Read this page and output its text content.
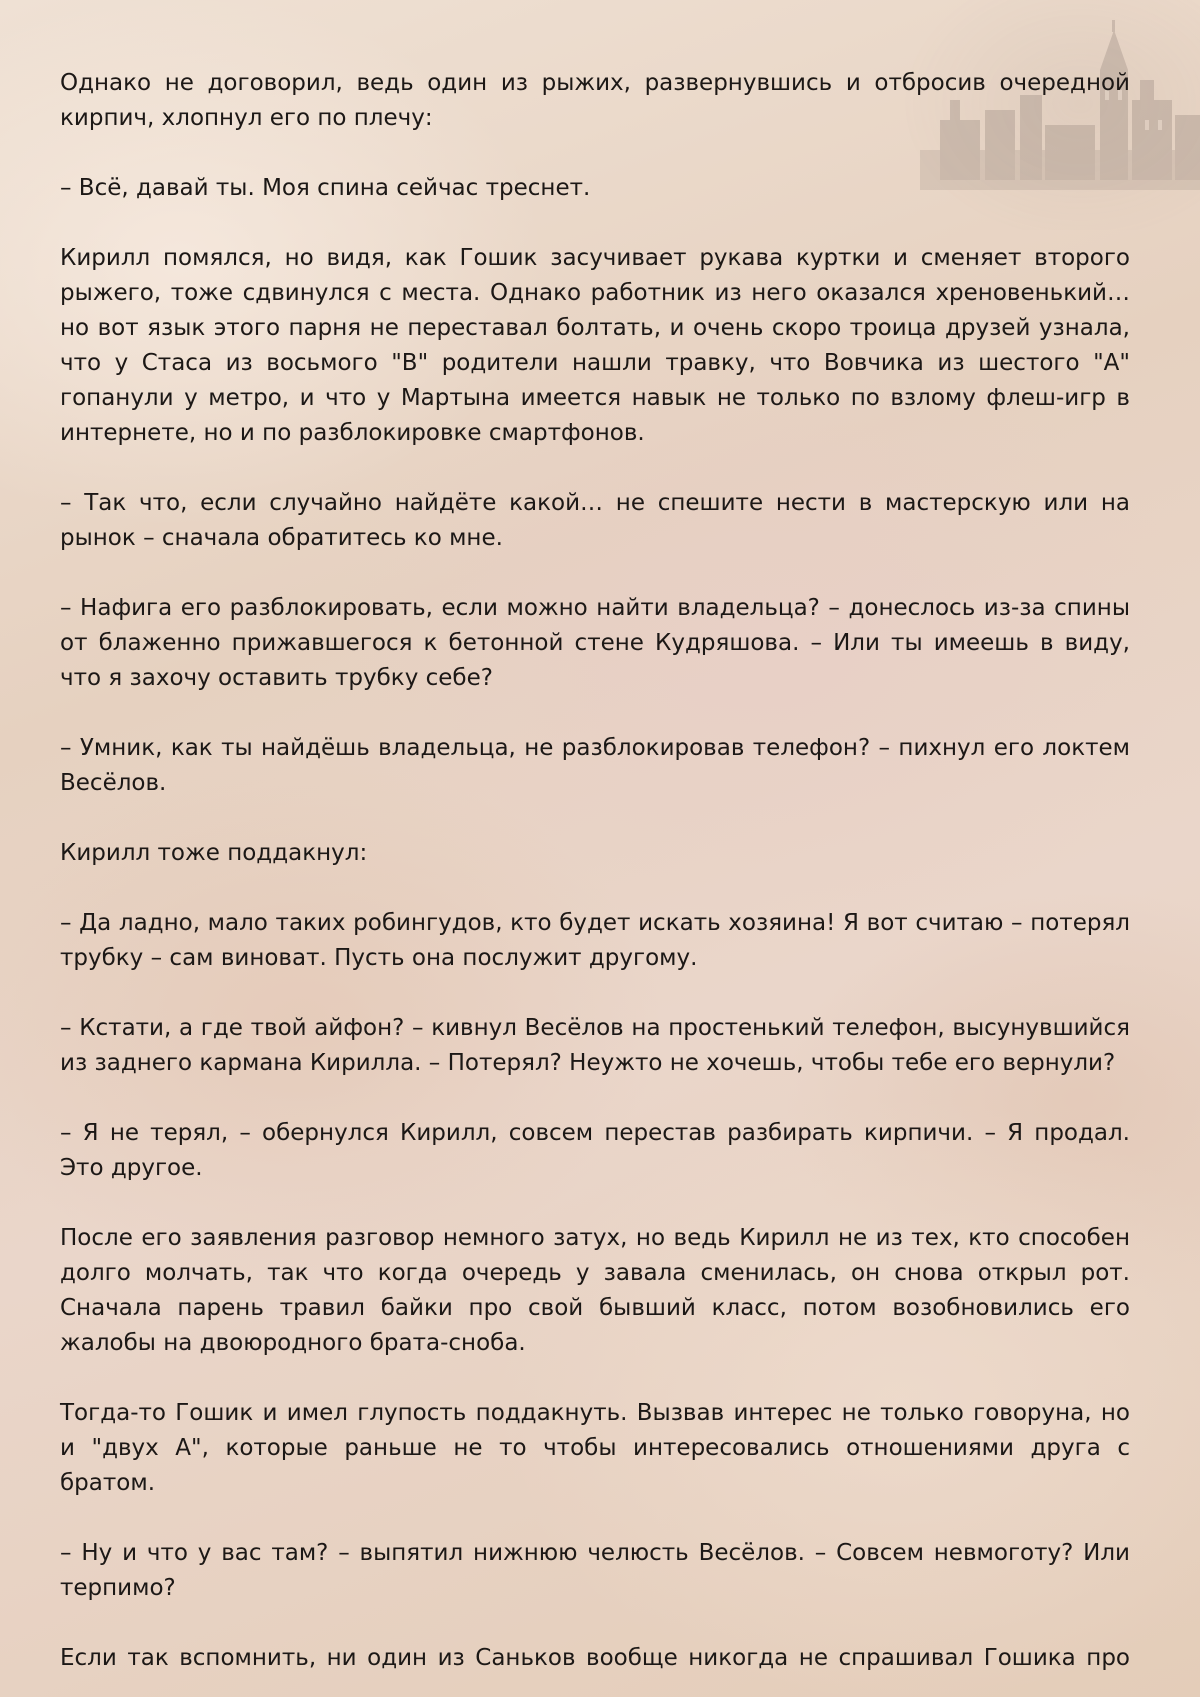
Однако не договорил, ведь один из рыжих, развернувшись и отбросив очередной кирпич, хлопнул его по плечу:

– Всё, давай ты. Моя спина сейчас треснет.

Кирилл помялся, но видя, как Гошик засучивает рукава куртки и сменяет второго рыжего, тоже сдвинулся с места. Однако работник из него оказался хреновенький… но вот язык этого парня не переставал болтать, и очень скоро троица друзей узнала, что у Стаса из восьмого "В" родители нашли травку, что Вовчика из шестого "А" гопанули у метро, и что у Мартына имеется навык не только по взлому флеш-игр в интернете, но и по разблокировке смартфонов.

– Так что, если случайно найдёте какой… не спешите нести в мастерскую или на рынок – сначала обратитесь ко мне.

– Нафига его разблокировать, если можно найти владельца? – донеслось из-за спины от блаженно прижавшегося к бетонной стене Кудряшова. – Или ты имеешь в виду, что я захочу оставить трубку себе?

– Умник, как ты найдёшь владельца, не разблокировав телефон? – пихнул его локтем Весёлов.

Кирилл тоже поддакнул:

– Да ладно, мало таких робингудов, кто будет искать хозяина! Я вот считаю – потерял трубку – сам виноват. Пусть она послужит другому.

– Кстати, а где твой айфон? – кивнул Весёлов на простенький телефон, высунувшийся из заднего кармана Кирилла. – Потерял? Неужто не хочешь, чтобы тебе его вернули?

– Я не терял, – обернулся Кирилл, совсем перестав разбирать кирпичи. – Я продал. Это другое.

После его заявления разговор немного затух, но ведь Кирилл не из тех, кто способен долго молчать, так что когда очередь у завала сменилась, он снова открыл рот. Сначала парень травил байки про свой бывший класс, потом возобновились его жалобы на двоюродного брата-сноба.

Тогда-то Гошик и имел глупость поддакнуть. Вызвав интерес не только говоруна, но и "двух А", которые раньше не то чтобы интересовались отношениями друга с братом.

– Ну и что у вас там? – выпятил нижнюю челюсть Весёлов. – Совсем невмоготу? Или терпимо?

Если так вспомнить, ни один из Саньков вообще никогда не спрашивал Гошика про
